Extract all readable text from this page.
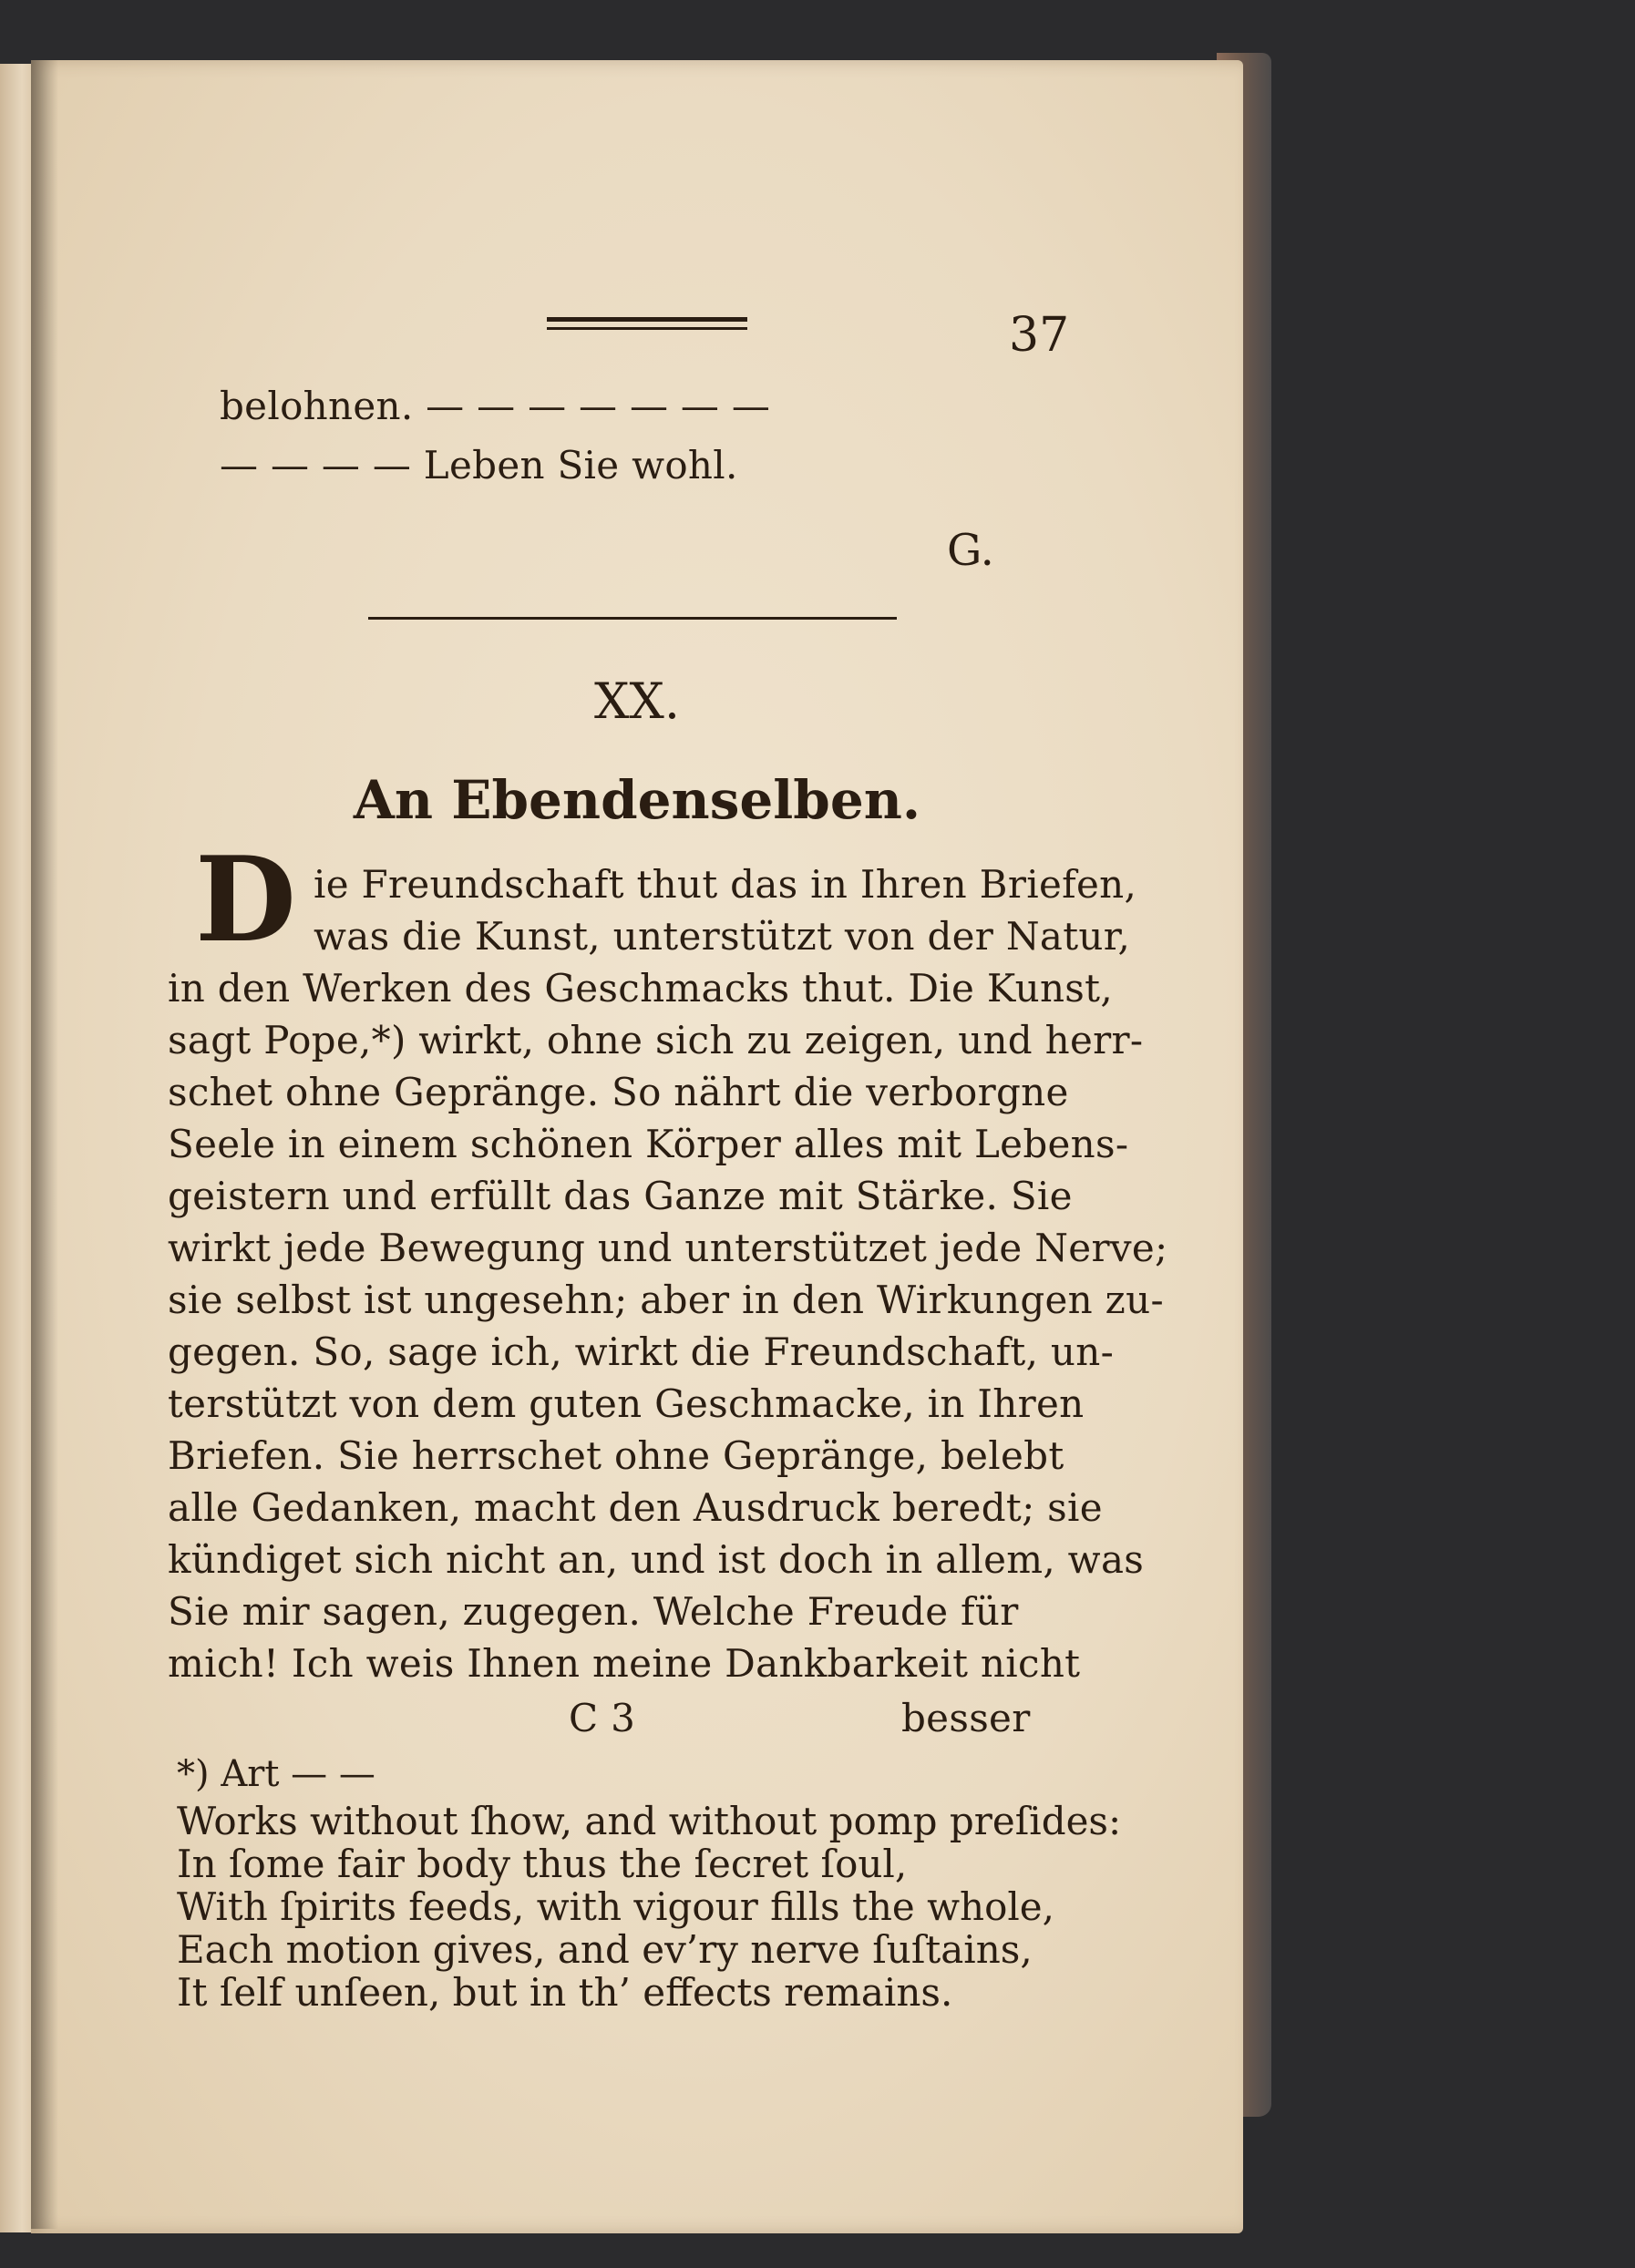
37
belohnen. — — — — — — —
— — — — Leben Sie wohl.
G.
XX.
An Ebendenselben.
D ie Freundschaft thut das in Ihren Briefen,
was die Kunst, unterstützt von der Natur,
in den Werken des Geschmacks thut. Die Kunst,
sagt Pope,*) wirkt, ohne sich zu zeigen, und herr-
schet ohne Gepränge. So nährt die verborgne
Seele in einem schönen Körper alles mit Lebens-
geistern und erfüllt das Ganze mit Stärke. Sie
wirkt jede Bewegung und unterstützet jede Nerve;
sie selbst ist ungesehn; aber in den Wirkungen zu-
gegen. So, sage ich, wirkt die Freundschaft, un-
terstützt von dem guten Geschmacke, in Ihren
Briefen. Sie herrschet ohne Gepränge, belebt
alle Gedanken, macht den Ausdruck beredt; sie
kündiget sich nicht an, und ist doch in allem, was
Sie mir sagen, zugegen. Welche Freude für
mich! Ich weis Ihnen meine Dankbarkeit nicht
C 3	besser
*) Art — —
Works without ſhow, and without pomp preſides:
In ſome fair body thus the ſecret ſoul,
With ſpirits feeds, with vigour fills the whole,
Each motion gives, and ev’ry nerve ſuſtains,
It ſelf unſeen, but in th’ effects remains.
